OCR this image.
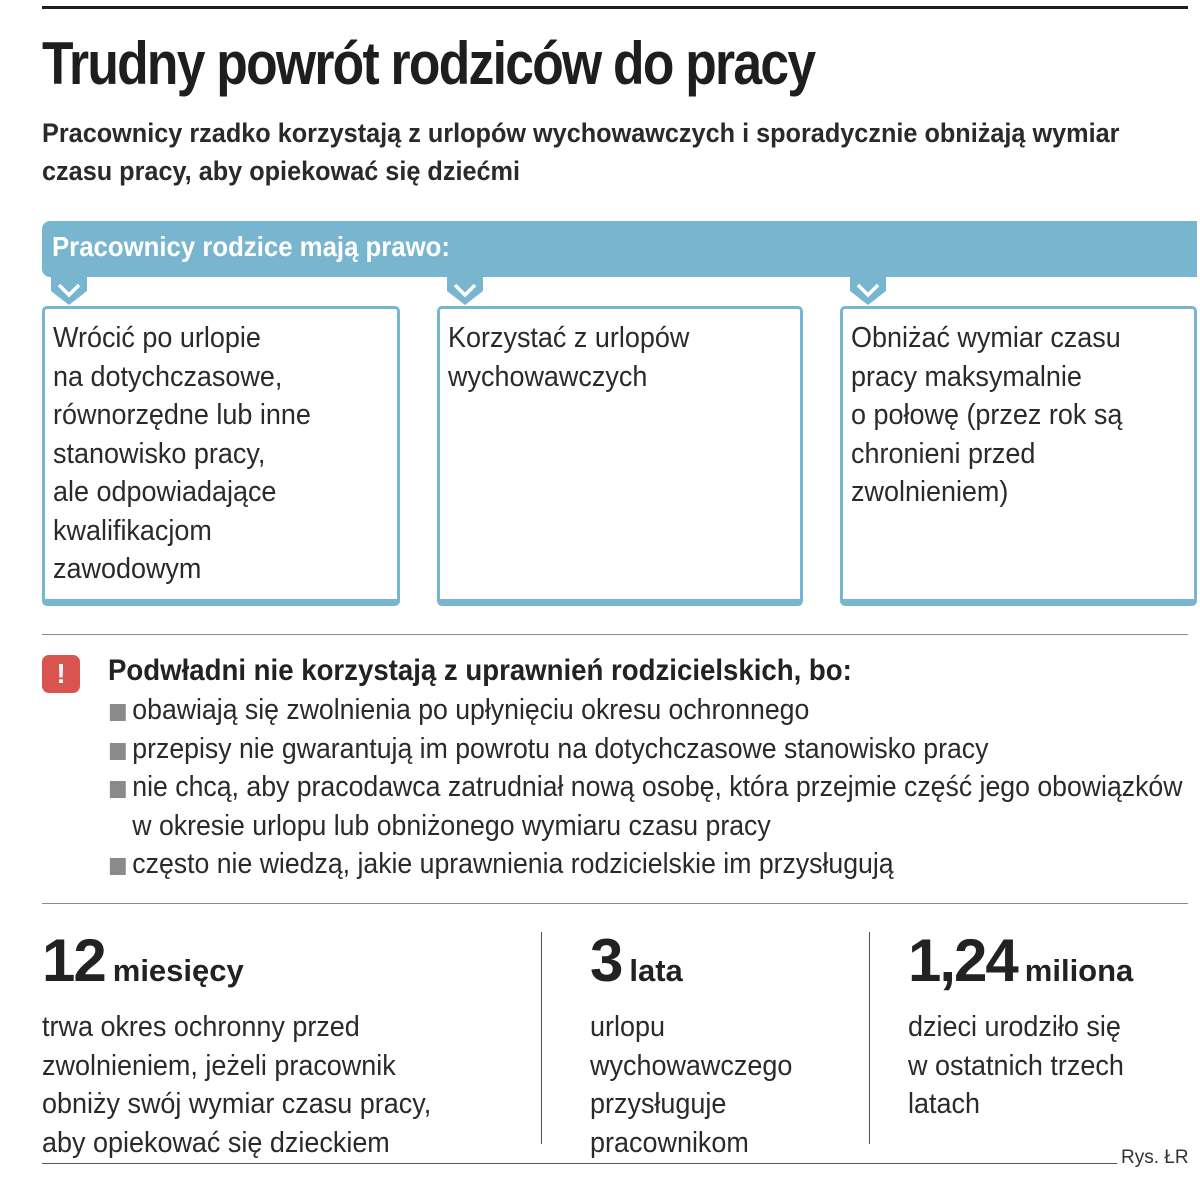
Trudny powrót rodziców do pracy

Pracownicy rzadko korzystają z urlopów wychowawczych i sporadycznie obniżają wymiar czasu pracy, aby opiekować się dziećmi

Pracownicy rodzice mają prawo:

Wrócić po urlopie
na dotychczasowe,
równorzędne lub inne
stanowisko pracy,
ale odpowiadające
kwalifikacjom
zawodowym

Korzystać z urlopów
wychowawczych

Obniżać wymiar czasu
pracy maksymalnie
o połowę (przez rok są
chronieni przed
zwolnieniem)

!	Podwładni nie korzystają z uprawnień rodzicielskich, bo:

obawiają się zwolnienia po upłynięciu okresu ochronnego
przepisy nie gwarantują im powrotu na dotychczasowe stanowisko pracy
nie chcą, aby pracodawca zatrudniał nową osobę, która przejmie część jego obowiązków w okresie urlopu lub obniżonego wymiaru czasu pracy
często nie wiedzą, jakie uprawnienia rodzicielskie im przysługują

12 miesięcy

trwa okres ochronny przed
zwolnieniem, jeżeli pracownik
obniży swój wymiar czasu pracy,
aby opiekować się dzieckiem

3 lata

urlopu
wychowawczego
przysługuje
pracownikom

1,24 miliona

dzieci urodziło się
w ostatnich trzech
latach

Rys. ŁR
